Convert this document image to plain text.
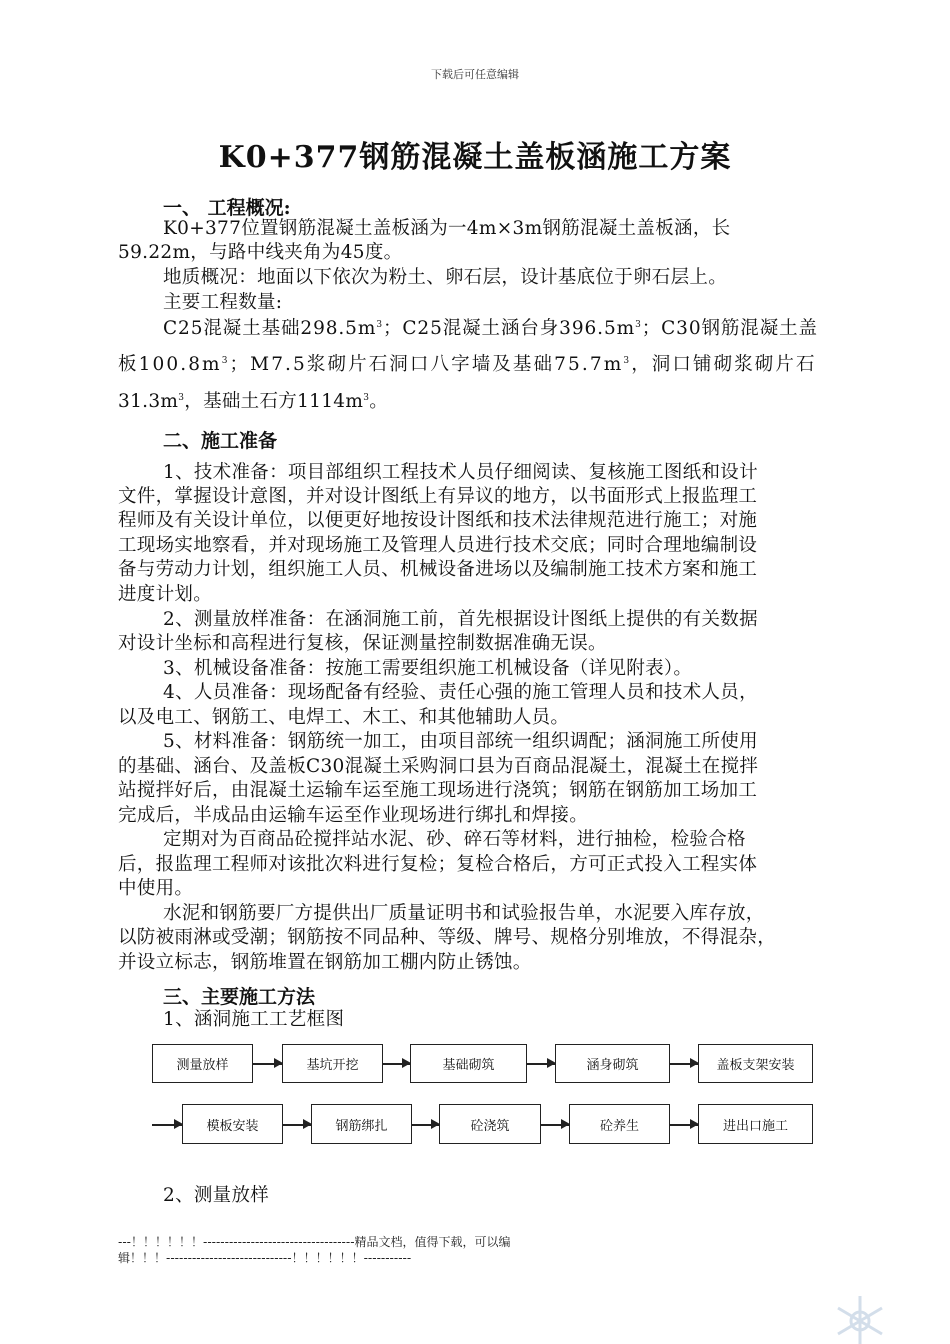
下载后可任意编辑
K0+377钢筋混凝土盖板涵施工方案
一、 工程概况:
K0+377位置钢筋混凝土盖板涵为一4m×3m钢筋混凝土盖板涵，长
59.22m，与路中线夹角为45度。
地质概况：地面以下依次为粉土、卵石层，设计基底位于卵石层上。
主要工程数量:
C25混凝土基础$298.5m^3$；C25混凝土涵台身$396.5m^3$；C30钢筋混凝土盖
板$100.8m^3$；M7.5浆砌片石洞口八字墙及基础$75.7m^3$，洞口铺砌浆砌片石
$31.3m^3$，基础土石方$1114m^3$。
二、施工准备
1、技术准备：项目部组织工程技术人员仔细阅读、复核施工图纸和设计
文件，掌握设计意图，并对设计图纸上有异议的地方，以书面形式上报监理工
程师及有关设计单位，以便更好地按设计图纸和技术法律规范进行施工；对施
工现场实地察看，并对现场施工及管理人员进行技术交底；同时合理地编制设
备与劳动力计划，组织施工人员、机械设备进场以及编制施工技术方案和施工
进度计划。
2、测量放样准备：在涵洞施工前，首先根据设计图纸上提供的有关数据
对设计坐标和高程进行复核，保证测量控制数据准确无误。
3、机械设备准备：按施工需要组织施工机械设备（详见附表）。
4、人员准备：现场配备有经验、责任心强的施工管理人员和技术人员，
以及电工、钢筋工、电焊工、木工、和其他辅助人员。
5、材料准备：钢筋统一加工，由项目部统一组织调配；涵洞施工所使用
的基础、涵台、及盖板C30混凝土采购洞口县为百商品混凝土，混凝土在搅拌
站搅拌好后，由混凝土运输车运至施工现场进行浇筑；钢筋在钢筋加工场加工
完成后，半成品由运输车运至作业现场进行绑扎和焊接。
定期对为百商品砼搅拌站水泥、砂、碎石等材料，进行抽检，检验合格
后，报监理工程师对该批次料进行复检；复检合格后，方可正式投入工程实体
中使用。
水泥和钢筋要厂方提供出厂质量证明书和试验报告单，水泥要入库存放，
以防被雨淋或受潮；钢筋按不同品种、等级、牌号、规格分别堆放，不得混杂，
并设立标志，钢筋堆置在钢筋加工棚内防止锈蚀。
三、主要施工方法
1、涵洞施工工艺框图
测量放样	基坑开挖	基础砌筑	涵身砌筑	盖板支架安装
模板安装	钢筋绑扎	砼浇筑	砼养生	进出口施工
2、测量放样
---！！！！！！-----------------------------------精品文档，值得下载，可以编
辑！！！-----------------------------！！！！！！-----------
